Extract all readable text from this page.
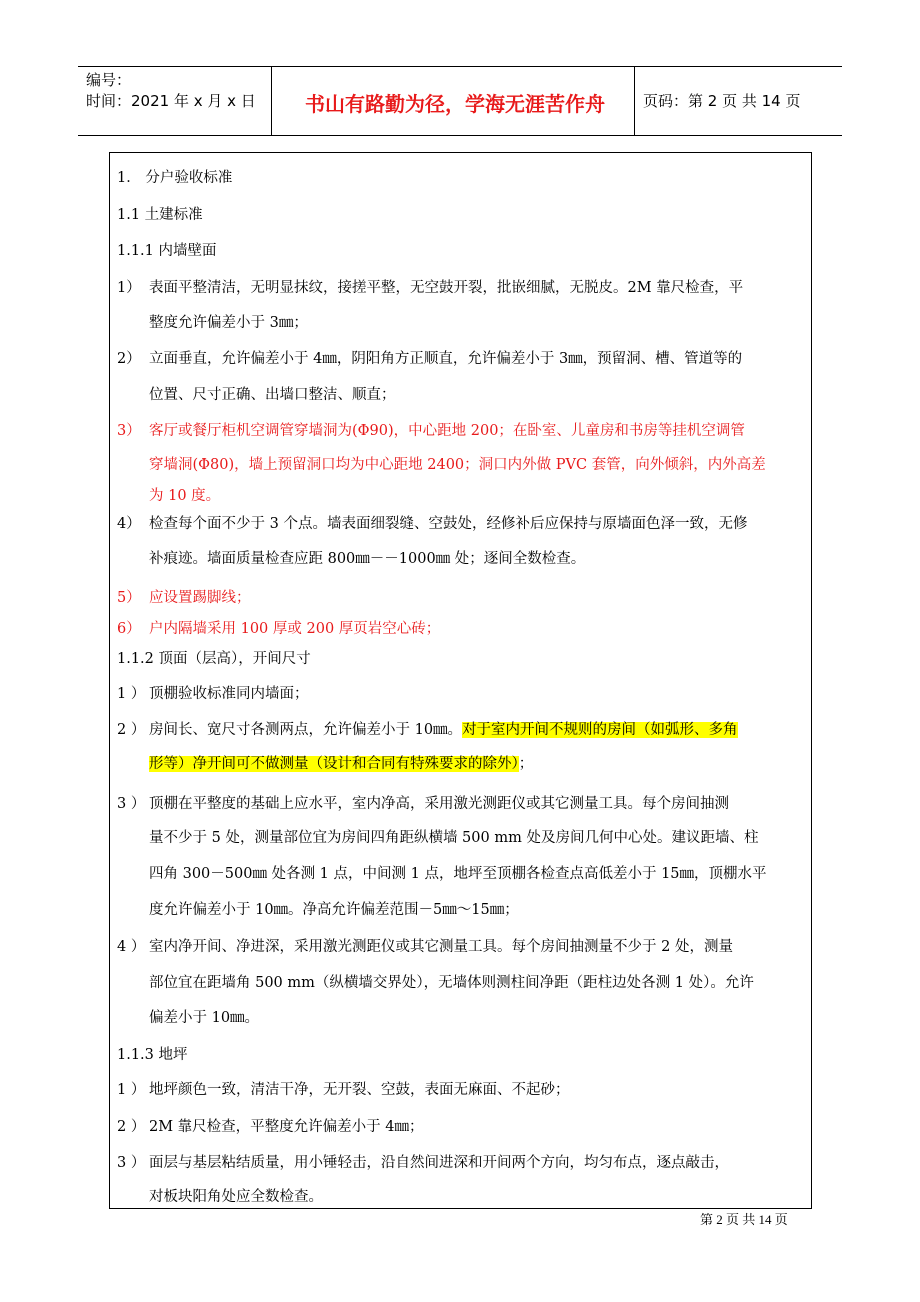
编号：
时间：2021 年 x 月 x 日	书山有路勤为径，学海无涯苦作舟	页码：第 2 页 共 14 页
1． 分户验收标准
1.1 土建标准
1.1.1 内墙壁面
1） 表面平整清洁，无明显抹纹，接搓平整，无空鼓开裂，批嵌细腻，无脱皮。2M 靠尺检查，平
整度允许偏差小于 3㎜；
2） 立面垂直，允许偏差小于 4㎜，阴阳角方正顺直，允许偏差小于 3㎜，预留洞、槽、管道等的
位置、尺寸正确、出墙口整洁、顺直；
3） 客厅或餐厅柜机空调管穿墙洞为(Φ90)，中心距地 200；在卧室、儿童房和书房等挂机空调管
穿墙洞(Φ80)，墙上预留洞口均为中心距地 2400；洞口内外做 PVC 套管，向外倾斜，内外高差
为 10 度。
4） 检查每个面不少于 3 个点。墙表面细裂缝、空鼓处，经修补后应保持与原墙面色泽一致，无修
补痕迹。墙面质量检查应距 800㎜－－1000㎜ 处；逐间全数检查。
5） 应设置踢脚线；
6） 户内隔墙采用 100 厚或 200 厚页岩空心砖；
1.1.2 顶面（层高），开间尺寸
1 ） 顶棚验收标准同内墙面；
2 ） 房间长、宽尺寸各测两点，允许偏差小于 10㎜。对于室内开间不规则的房间（如弧形、多角
形等）净开间可不做测量（设计和合同有特殊要求的除外）；
3 ） 顶棚在平整度的基础上应水平，室内净高，采用激光测距仪或其它测量工具。每个房间抽测
量不少于 5 处，测量部位宜为房间四角距纵横墙 500 mm 处及房间几何中心处。建议距墙、柱
四角 300－500㎜ 处各测 1 点，中间测 1 点，地坪至顶棚各检查点高低差小于 15㎜，顶棚水平
度允许偏差小于 10㎜。净高允许偏差范围－5㎜～15㎜；
4 ） 室内净开间、净进深，采用激光测距仪或其它测量工具。每个房间抽测量不少于 2 处，测量
部位宜在距墙角 500 mm（纵横墙交界处），无墙体则测柱间净距（距柱边处各测 1 处）。允许
偏差小于 10㎜。
1.1.3 地坪
1 ） 地坪颜色一致，清洁干净，无开裂、空鼓，表面无麻面、不起砂；
2 ） 2M 靠尺检查，平整度允许偏差小于 4㎜；
3 ） 面层与基层粘结质量，用小锤轻击，沿自然间进深和开间两个方向，均匀布点，逐点敲击，
对板块阳角处应全数检查。
第 2 页 共 14 页
